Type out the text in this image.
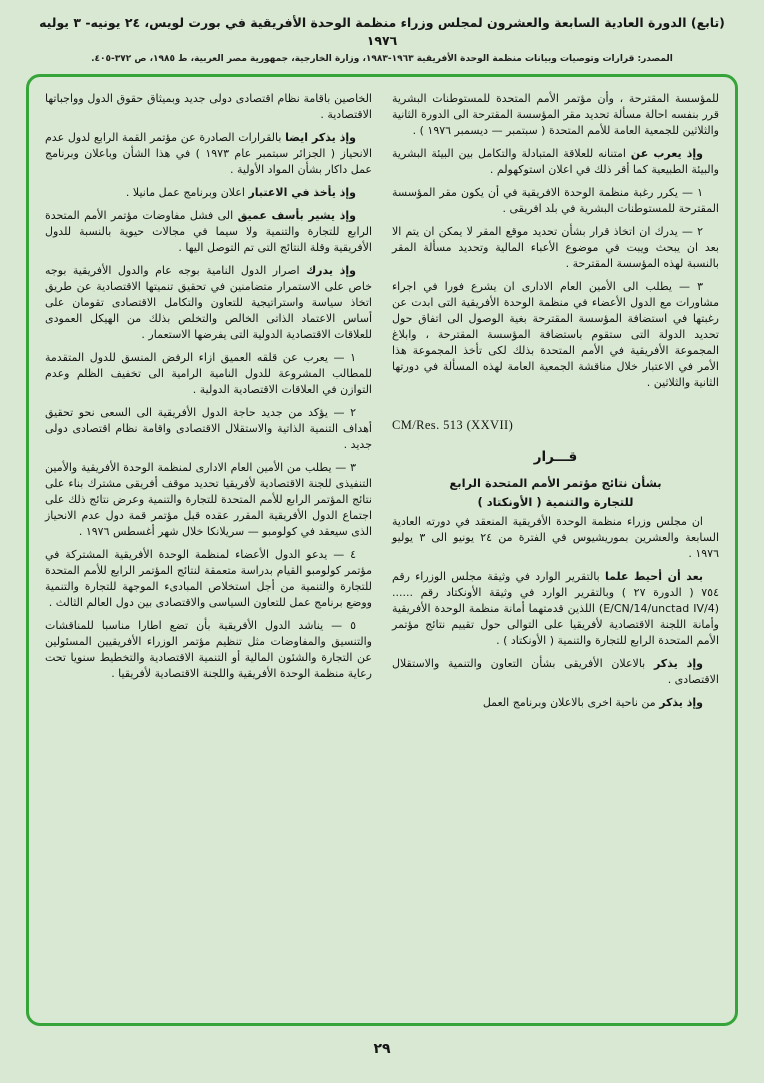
(تابع) الدورة العادية السابعة والعشرون لمجلس وزراء منظمة الوحدة الأفريقية في بورت لويس، ٢٤ يونيه- ٣ يوليه ١٩٧٦
المصدر: قرارات وتوصيات وبيانات منظمة الوحدة الأفريقية ١٩٦٣-١٩٨٣، وزارة الخارجية، جمهورية مصر العربية، ط ١٩٨٥، ص ٣٧٢-٤٠٥.

للمؤسسة المقترحة ، وأن مؤتمر الأمم المتحدة للمستوطنات البشرية قرر بنفسه احالة مسألة تحديد مقر المؤسسة المقترحة الى الدورة الثانية والثلاثين للجمعية العامة للأمم المتحدة ( سبتمبر — ديسمبر ١٩٧٦ ) .

وإذ يعرب عن امتنانه للعلاقة المتبادلة والتكامل بين البيئة البشرية والبيئة الطبيعية كما أقر ذلك في اعلان استوكهولم .

١ — يكرر رغبة منظمة الوحدة الافريقية في أن يكون مقر المؤسسة المقترحة للمستوطنات البشرية في بلد افريقى .

٢ — يدرك ان اتخاذ قرار بشأن تحديد موقع المقر لا يمكن ان يتم الا بعد ان يبحث ويبت في موضوع الأعباء المالية وتحديد مسألة المقر بالنسبة لهذه المؤسسة المقترحة .

٣ — يطلب الى الأمين العام الادارى ان يشرع فورا في اجراء مشاورات مع الدول الأعضاء في منظمة الوحدة الأفريقية التى ابدت عن رغبتها في استضافة المؤسسة المقترحة بغية الوصول الى اتفاق حول تحديد الدولة التى ستقوم باستضافة المؤسسة المقترحة ، وابلاغ المجموعة الأفريقية في الأمم المتحدة بذلك لكى تأخذ المجموعة هذا الأمر في الاعتبار خلال مناقشة الجمعية العامة لهذه المسألة في دورتها الثانية والثلاثين .

CM/Res. 513 (XXVII)

قـــرار

بشأن نتائج مؤتمر الأمم المتحدة الرابع

للتجارة والتنمية ( الأونكتاد )

ان مجلس وزراء منظمة الوحدة الأفريقية المنعقد في دورته العادية السابعة والعشرين بموريشيوس في الفترة من ٢٤ يونيو الى ٣ يوليو ١٩٧٦ .

بعد أن أحيط علما بالتقرير الوارد في وثيقة مجلس الوزراء رقم ٧٥٤ ( الدورة ٢٧ ) وبالتقرير الوارد في وثيقة الأونكتاد رقم ...... (E/CN/14/unctad IV/4) اللذين قدمتهما أمانة منظمة الوحدة الأفريقية وأمانة اللجنة الاقتصادية لأفريقيا على التوالى حول تقييم نتائج مؤتمر الأمم المتحدة الرابع للتجارة والتنمية ( الأونكتاد ) .

وإذ يذكر بالاعلان الأفريقى بشأن التعاون والتنمية والاستقلال الاقتصادى .

وإذ يذكر من ناحية اخرى بالاعلان وبرنامج العمل

الخاصين باقامة نظام اقتصادى دولى جديد وبميثاق حقوق الدول وواجباتها الاقتصادية .

وإذ يذكر ايضا بالقرارات الصادرة عن مؤتمر القمة الرابع لدول عدم الانحياز ( الجزائر سبتمبر عام ١٩٧٣ ) في هذا الشأن وباعلان وبرنامج عمل داكار بشأن المواد الأولية .

وإذ يأخذ في الاعتبار اعلان وبرنامج عمل مانيلا .

وإذ يشير بأسف عميق الى فشل مفاوضات مؤتمر الأمم المتحدة الرابع للتجارة والتنمية ولا سيما في مجالات حيوية بالنسبة للدول الأفريقية وقلة النتائج التى تم التوصل اليها .

وإذ يدرك اصرار الدول النامية بوجه عام والدول الأفريقية بوجه خاص على الاستمرار متضامنين في تحقيق تنميتها الاقتصادية عن طريق اتخاذ سياسة واستراتيجية للتعاون والتكامل الاقتصادى تقومان على أساس الاعتماد الذاتى الخالص والتخلص بذلك من الهيكل العمودى للعلاقات الاقتصادية الدولية التى يفرضها الاستعمار .

١ — يعرب عن قلقه العميق ازاء الرفض المنسق للدول المتقدمة للمطالب المشروعة للدول النامية الرامية الى تخفيف الظلم وعدم التوازن في العلاقات الاقتصادية الدولية .

٢ — يؤكد من جديد حاجة الدول الأفريقية الى السعى نحو تحقيق أهداف التنمية الذاتية والاستقلال الاقتصادى واقامة نظام اقتصادى دولى جديد .

٣ — يطلب من الأمين العام الادارى لمنظمة الوحدة الأفريقية والأمين التنفيذى للجنة الاقتصادية لأفريقيا تحديد موقف أفريقى مشترك بناء على نتائج المؤتمر الرابع للأمم المتحدة للتجارة والتنمية وعرض نتائج ذلك على اجتماع الدول الأفريقية المقرر عقده قبل مؤتمر قمة دول عدم الانحياز الذى سيعقد في كولومبو — سريلانكا خلال شهر أغسطس ١٩٧٦ .

٤ — يدعو الدول الأعضاء لمنظمة الوحدة الأفريقية المشتركة في مؤتمر كولومبو القيام بدراسة متعمقة لنتائج المؤتمر الرابع للأمم المتحدة للتجارة والتنمية من أجل استخلاص المبادىء الموجهة للتجارة والتنمية ووضع برنامج عمل للتعاون السياسى والاقتصادى بين دول العالم الثالث .

٥ — يناشد الدول الأفريقية بأن تضع اطارا مناسبا للمناقشات والتنسيق والمفاوضات مثل تنظيم مؤتمر الوزراء الأفريقيين المسئولين عن التجارة والشئون المالية أو التنمية الاقتصادية والتخطيط سنويا تحت رعاية منظمة الوحدة الأفريقية واللجنة الاقتصادية لأفريقيا .

٢٩
